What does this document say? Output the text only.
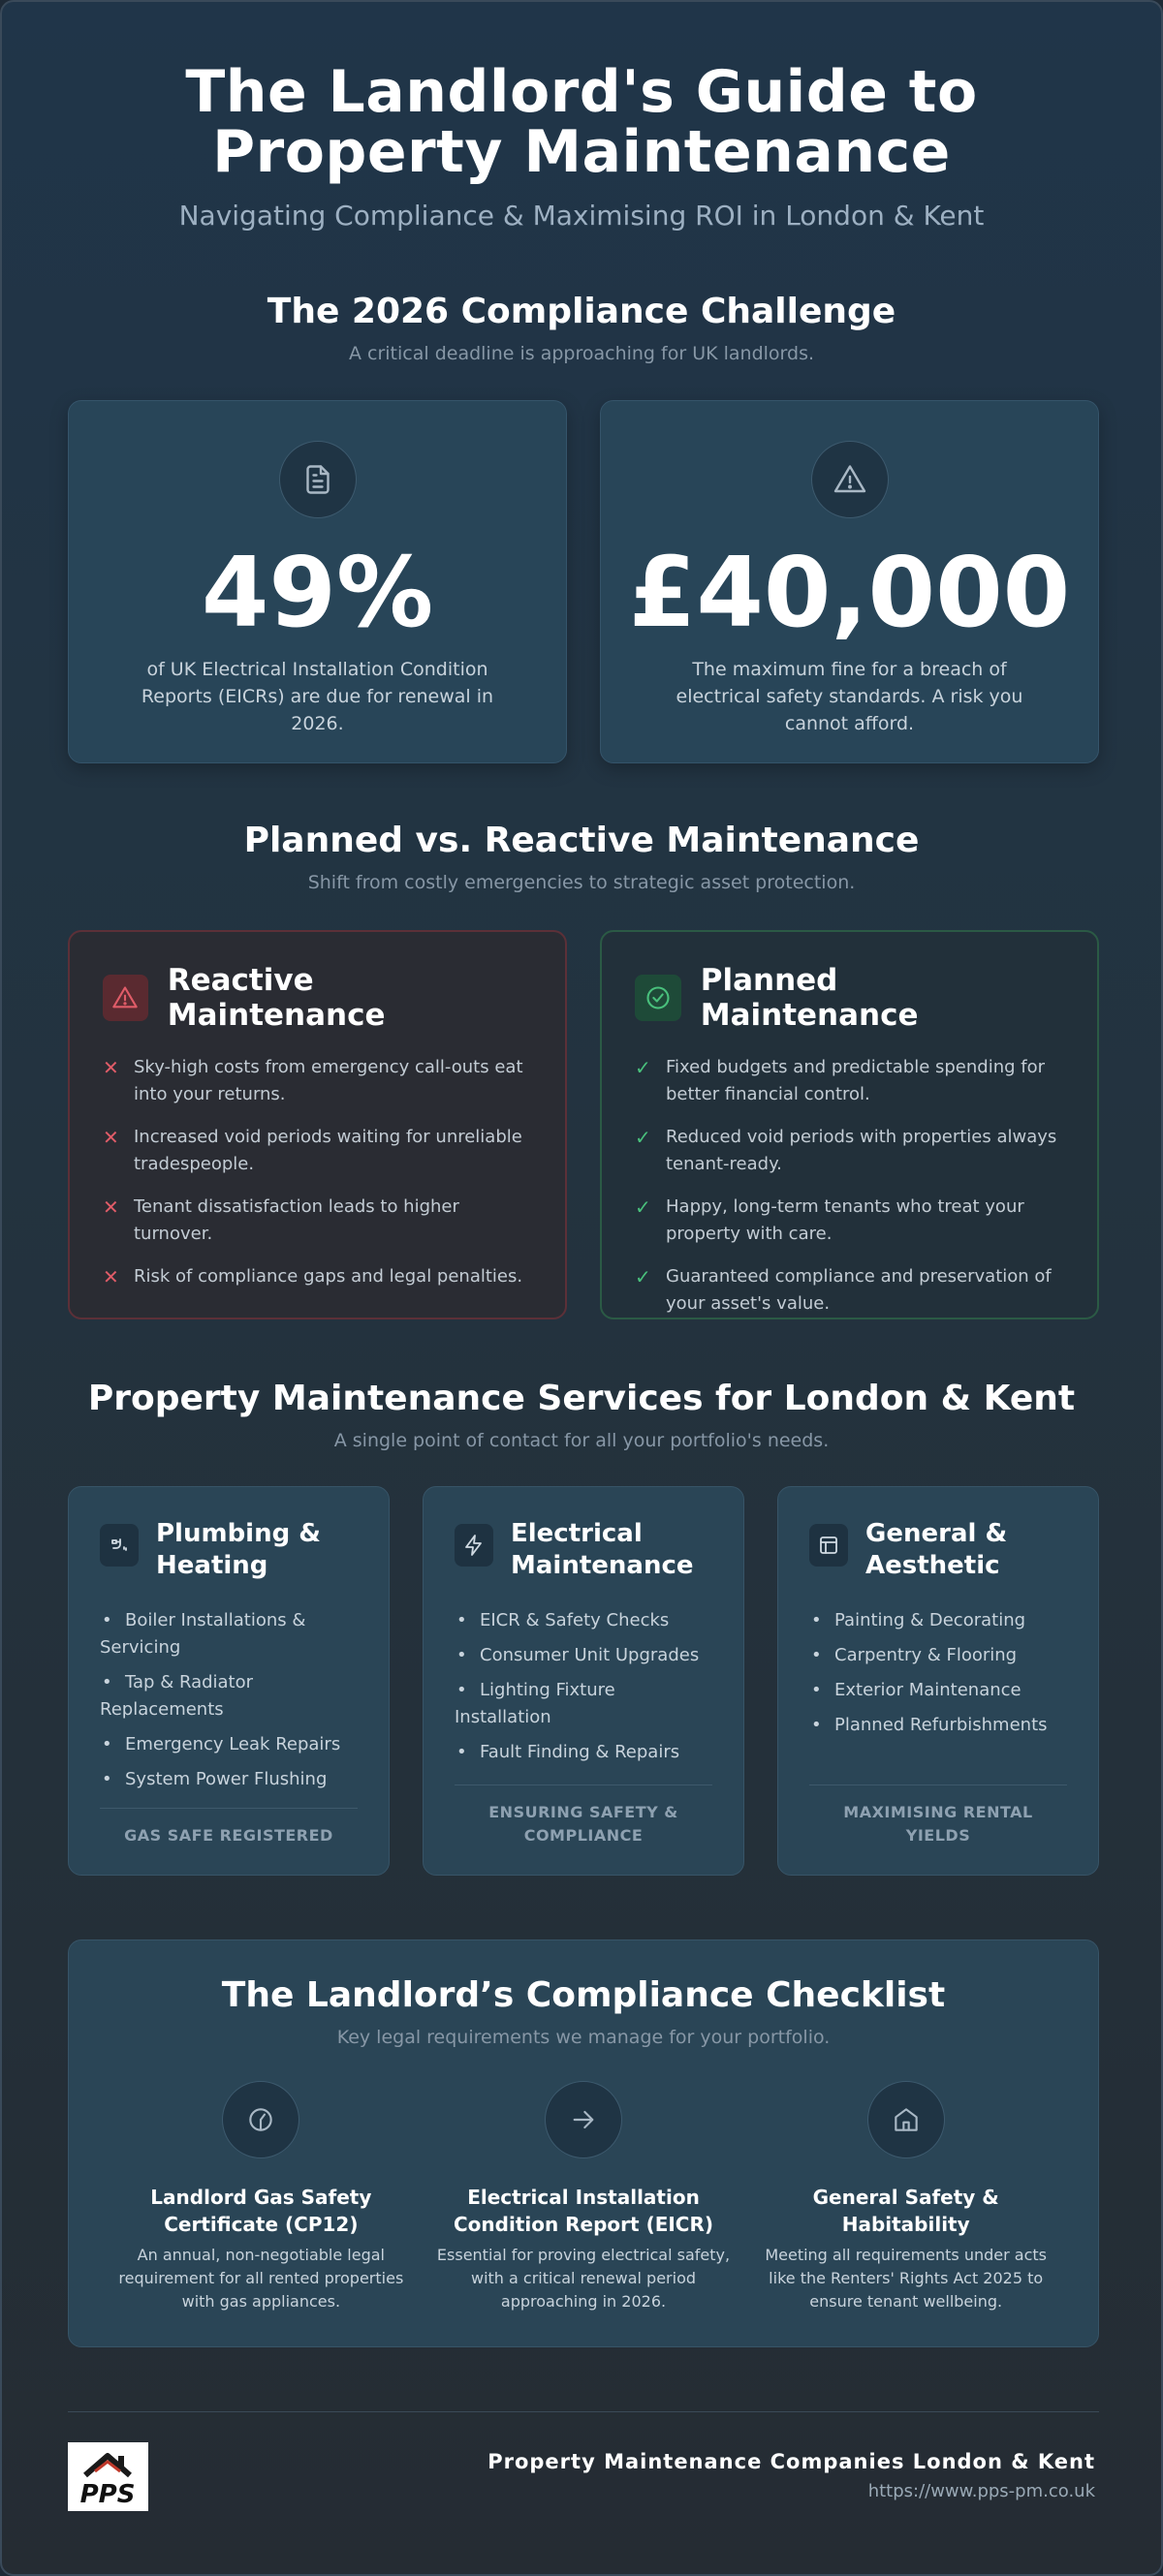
The Landlord's Guide to
Property Maintenance
Navigating Compliance & Maximising ROI in London & Kent
The 2026 Compliance Challenge
A critical deadline is approaching for UK landlords.
49%
of UK Electrical Installation Condition Reports (EICRs) are due for renewal in 2026.
£40,000
The maximum fine for a breach of electrical safety standards. A risk you cannot afford.
Planned vs. Reactive Maintenance
Shift from costly emergencies to strategic asset protection.
Reactive Maintenance
✕ Sky-high costs from emergency call-outs eat into your returns.
✕ Increased void periods waiting for unreliable tradespeople.
✕ Tenant dissatisfaction leads to higher turnover.
✕ Risk of compliance gaps and legal penalties.
Planned Maintenance
✓ Fixed budgets and predictable spending for better financial control.
✓ Reduced void periods with properties always tenant-ready.
✓ Happy, long-term tenants who treat your property with care.
✓ Guaranteed compliance and preservation of your asset's value.
Property Maintenance Services for London & Kent
A single point of contact for all your portfolio's needs.
Plumbing & Heating
• Boiler Installations & Servicing
• Tap & Radiator Replacements
• Emergency Leak Repairs
• System Power Flushing
GAS SAFE REGISTERED
Electrical Maintenance
• EICR & Safety Checks
• Consumer Unit Upgrades
• Lighting Fixture Installation
• Fault Finding & Repairs
ENSURING SAFETY & COMPLIANCE
General & Aesthetic
• Painting & Decorating
• Carpentry & Flooring
• Exterior Maintenance
• Planned Refurbishments
MAXIMISING RENTAL YIELDS
The Landlord’s Compliance Checklist
Key legal requirements we manage for your portfolio.
Landlord Gas Safety Certificate (CP12)
An annual, non-negotiable legal requirement for all rented properties with gas appliances.
Electrical Installation Condition Report (EICR)
Essential for proving electrical safety, with a critical renewal period approaching in 2026.
General Safety & Habitability
Meeting all requirements under acts like the Renters' Rights Act 2025 to ensure tenant wellbeing.
PPS
Property Maintenance Companies London & Kent
https://www.pps-pm.co.uk
